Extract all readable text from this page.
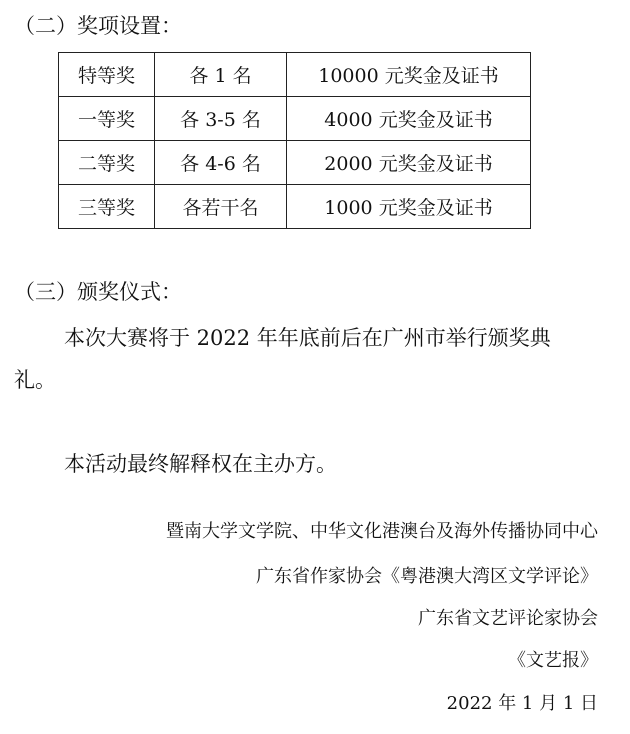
（二）奖项设置：
特等奖	各 1 名	10000 元奖金及证书
一等奖	各 3-5 名	4000 元奖金及证书
二等奖	各 4-6 名	2000 元奖金及证书
三等奖	各若干名	1000 元奖金及证书
（三）颁奖仪式：
本次大赛将于 2022 年年底前后在广州市举行颁奖典
礼。
本活动最终解释权在主办方。
暨南大学文学院、中华文化港澳台及海外传播协同中心
广东省作家协会《粤港澳大湾区文学评论》
广东省文艺评论家协会
《文艺报》
2022 年 1 月 1 日
